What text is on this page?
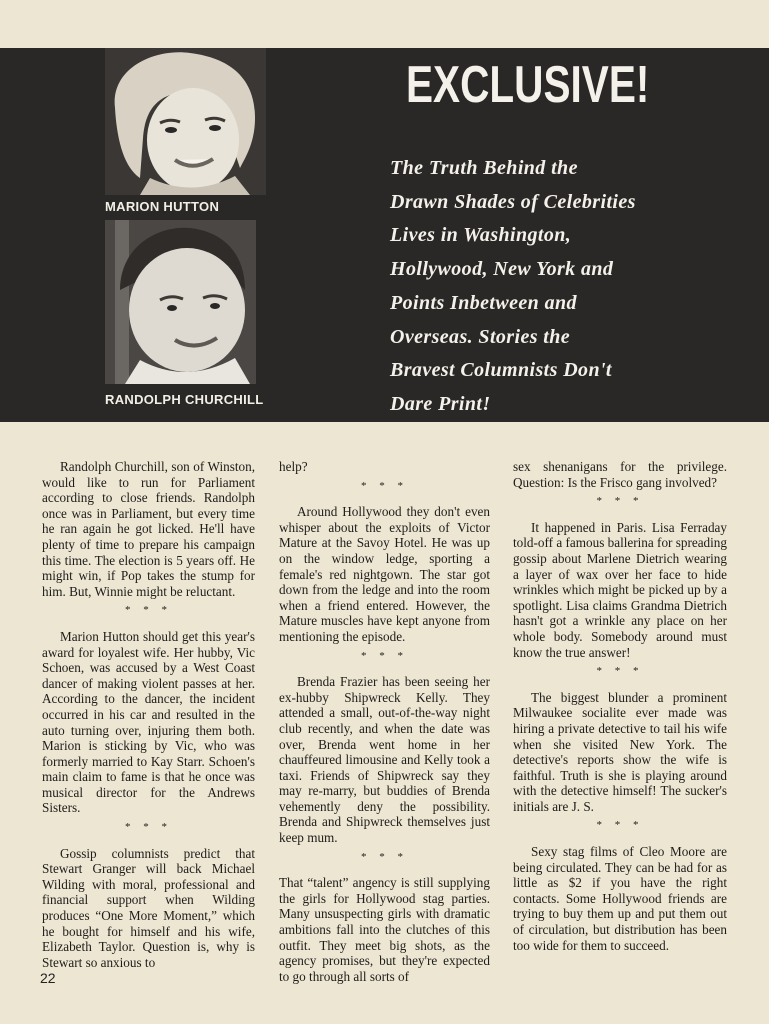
MARION HUTTON
RANDOLPH CHURCHILL
EXCLUSIVE!
The Truth Behind the
Drawn Shades of Celebrities
Lives in Washington,
Hollywood, New York and
Points Inbetween and
Overseas. Stories the
Bravest Columnists Don't
Dare Print!

Randolph Churchill, son of Winston, would like to run for Parliament according to close friends. Randolph once was in Parliament, but every time he ran again he got licked. He'll have plenty of time to prepare his campaign this time. The election is 5 years off. He might win, if Pop takes the stump for him. But, Winnie might be reluctant.

* * *

Marion Hutton should get this year's award for loyalest wife. Her hubby, Vic Schoen, was accused by a West Coast dancer of making violent passes at her. According to the dancer, the incident occurred in his car and resulted in the auto turning over, injuring them both. Marion is sticking by Vic, who was formerly married to Kay Starr. Schoen's main claim to fame is that he once was musical director for the Andrews Sisters.

* * *

Gossip columnists predict that Stewart Granger will back Michael Wilding with moral, professional and financial support when Wilding produces “One More Moment,” which he bought for himself and his wife, Elizabeth Taylor. Question is, why is Stewart so anxious to

help?

* * *

Around Hollywood they don't even whisper about the exploits of Victor Mature at the Savoy Hotel. He was up on the window ledge, sporting a female's red nightgown. The star got down from the ledge and into the room when a friend entered. However, the Mature muscles have kept anyone from mentioning the episode.

* * *

Brenda Frazier has been seeing her ex-hubby Shipwreck Kelly. They attended a small, out-of-the-way night club recently, and when the date was over, Brenda went home in her chauffeured limousine and Kelly took a taxi. Friends of Shipwreck say they may re-marry, but buddies of Brenda vehemently deny the possibility. Brenda and Shipwreck themselves just keep mum.

* * *

That “talent” angency is still supplying the girls for Hollywood stag parties. Many unsuspecting girls with dramatic ambitions fall into the clutches of this outfit. They meet big shots, as the agency promises, but they're expected to go through all sorts of

sex shenanigans for the privilege. Question: Is the Frisco gang involved?

* * *

It happened in Paris. Lisa Ferraday told-off a famous ballerina for spreading gossip about Marlene Dietrich wearing a layer of wax over her face to hide wrinkles which might be picked up by a spotlight. Lisa claims Grandma Dietrich hasn't got a wrinkle any place on her whole body. Somebody around must know the true answer!

* * *

The biggest blunder a prominent Milwaukee socialite ever made was hiring a private detective to tail his wife when she visited New York. The detective's reports show the wife is faithful. Truth is she is playing around with the detective himself! The sucker's initials are J. S.

* * *

Sexy stag films of Cleo Moore are being circulated. They can be had for as little as $2 if you have the right contacts. Some Hollywood friends are trying to buy them up and put them out of circulation, but distribution has been too wide for them to succeed.

22
